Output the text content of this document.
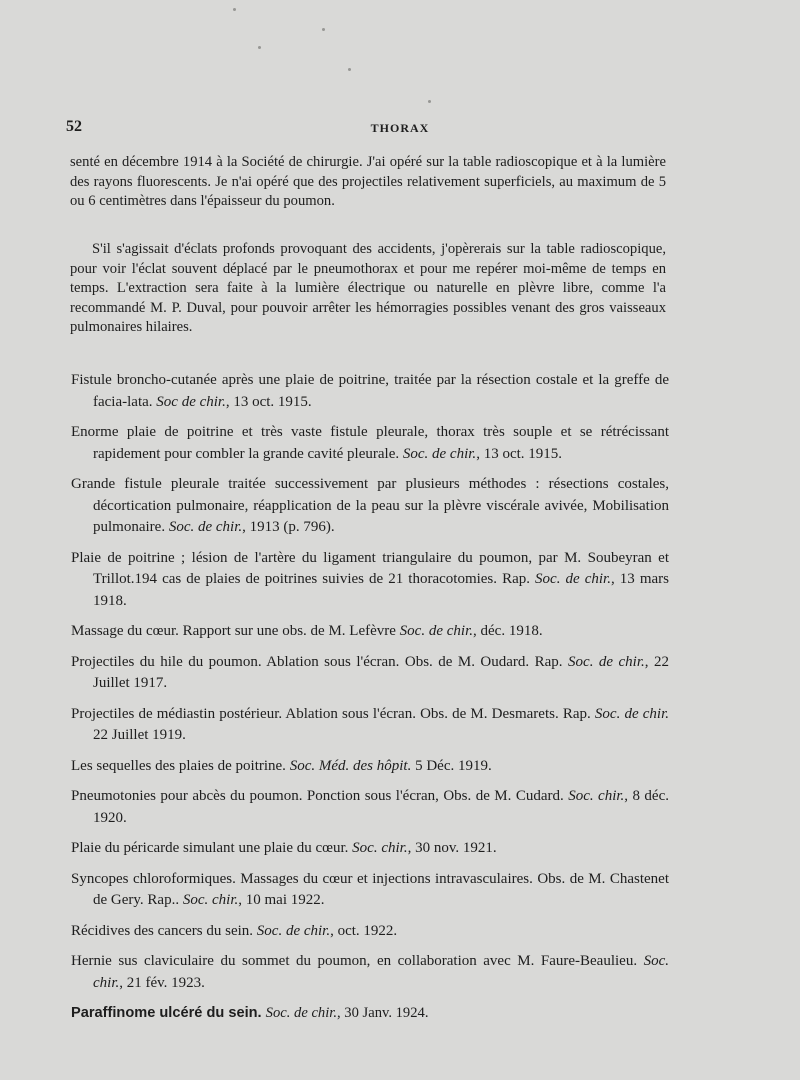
52	THORAX

senté en décembre 1914 à la Société de chirurgie. J'ai opéré sur la table radioscopique et à la lumière des rayons fluorescents. Je n'ai opéré que des projectiles relativement superficiels, au maximum de 5 ou 6 centimètres dans l'épaisseur du poumon.

S'il s'agissait d'éclats profonds provoquant des accidents, j'opèrerais sur la table radioscopique, pour voir l'éclat souvent déplacé par le pneumothorax et pour me repérer moi-même de temps en temps. L'extraction sera faite à la lumière électrique ou naturelle en plèvre libre, comme l'a recommandé M. P. Duval, pour pouvoir arrêter les hémorragies possibles venant des gros vaisseaux pulmonaires hilaires.

Fistule broncho-cutanée après une plaie de poitrine, traitée par la résection costale et la greffe de facia-lata. Soc de chir., 13 oct. 1915.

Enorme plaie de poitrine et très vaste fistule pleurale, thorax très souple et se rétrécissant rapidement pour combler la grande cavité pleurale. Soc. de chir., 13 oct. 1915.

Grande fistule pleurale traitée successivement par plusieurs méthodes : résections costales, décortication pulmonaire, réapplication de la peau sur la plèvre viscérale avivée, Mobilisation pulmonaire. Soc. de chir., 1913 (p. 796).

Plaie de poitrine ; lésion de l'artère du ligament triangulaire du poumon, par M. Soubeyran et Trillot.194 cas de plaies de poitrines suivies de 21 thoracotomies. Rap. Soc. de chir., 13 mars 1918.

Massage du cœur. Rapport sur une obs. de M. Lefèvre Soc. de chir., déc. 1918.

Projectiles du hile du poumon. Ablation sous l'écran. Obs. de M. Oudard. Rap. Soc. de chir., 22 Juillet 1917.

Projectiles de médiastin postérieur. Ablation sous l'écran. Obs. de M. Desmarets. Rap. Soc. de chir. 22 Juillet 1919.

Les sequelles des plaies de poitrine. Soc. Méd. des hôpit. 5 Déc. 1919.

Pneumotonies pour abcès du poumon. Ponction sous l'écran, Obs. de M. Cudard. Soc. chir., 8 déc. 1920.

Plaie du péricarde simulant une plaie du cœur. Soc. chir., 30 nov. 1921.

Syncopes chloroformiques. Massages du cœur et injections intravasculaires. Obs. de M. Chastenet de Gery. Rap.. Soc. chir., 10 mai 1922.

Récidives des cancers du sein. Soc. de chir., oct. 1922.

Hernie sus claviculaire du sommet du poumon, en collaboration avec M. Faure-Beaulieu. Soc. chir., 21 fév. 1923.

Paraffinome ulcéré du sein. Soc. de chir., 30 Janv. 1924.
